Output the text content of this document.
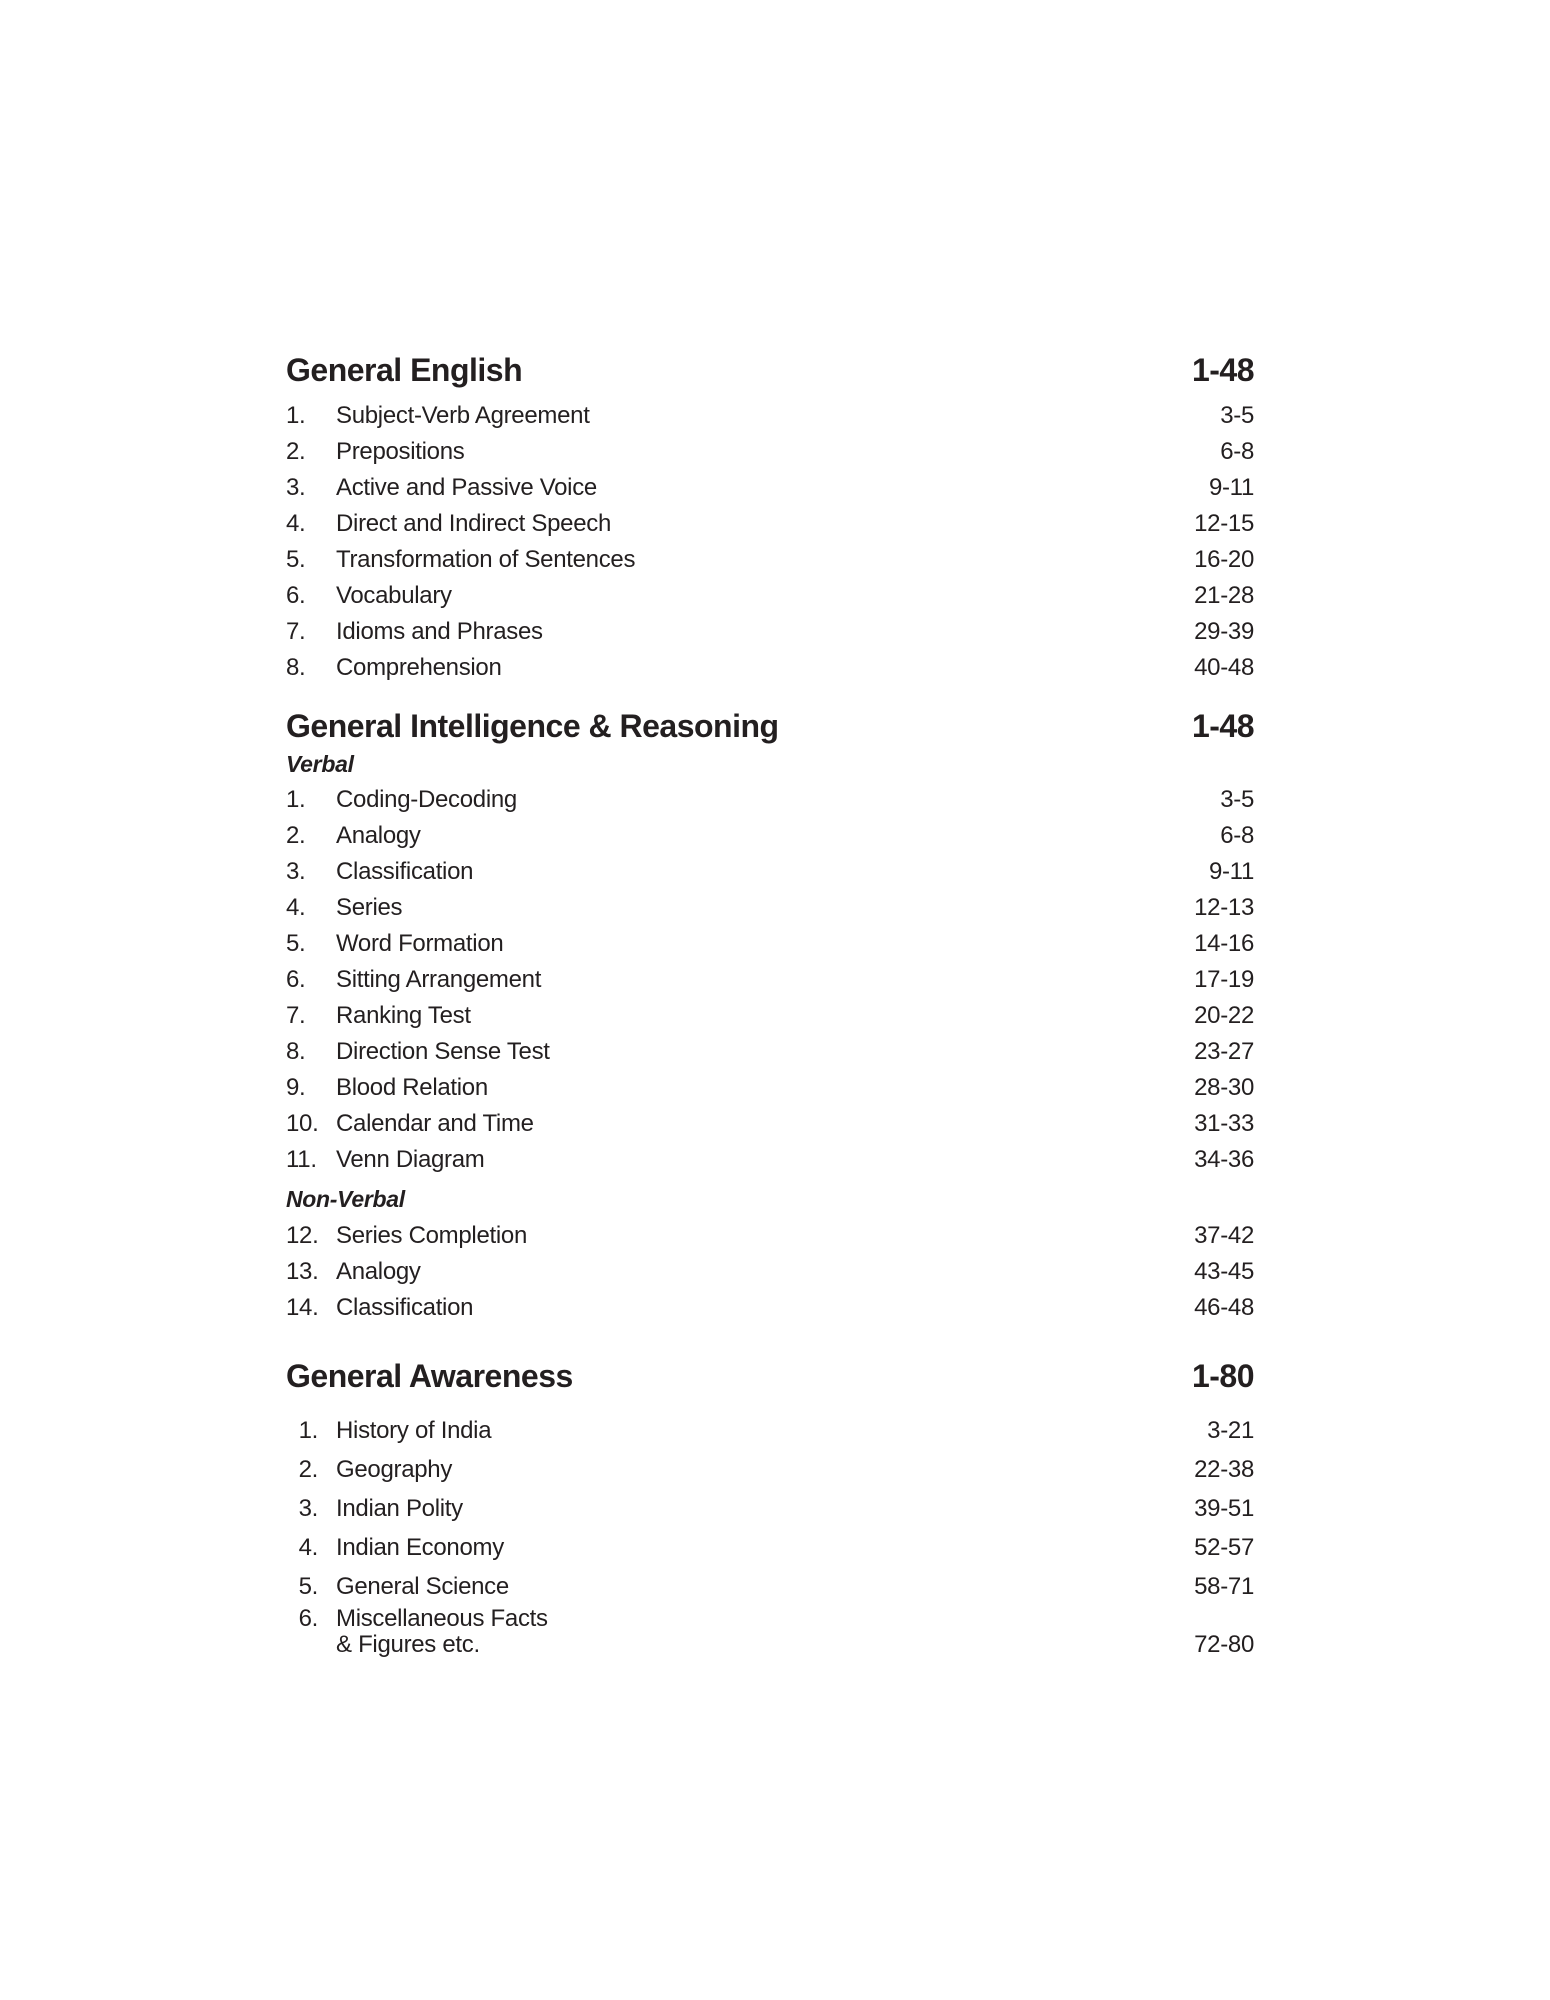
General English	1-48
1.	Subject-Verb Agreement	3-5
2.	Prepositions	6-8
3.	Active and Passive Voice	9-11
4.	Direct and Indirect Speech	12-15
5.	Transformation of Sentences	16-20
6.	Vocabulary	21-28
7.	Idioms and Phrases	29-39
8.	Comprehension	40-48
General Intelligence & Reasoning	1-48
Verbal
1.	Coding-Decoding	3-5
2.	Analogy	6-8
3.	Classification	9-11
4.	Series	12-13
5.	Word Formation	14-16
6.	Sitting Arrangement	17-19
7.	Ranking Test	20-22
8.	Direction Sense Test	23-27
9.	Blood Relation	28-30
10. Calendar and Time	31-33
11. Venn Diagram	34-36
Non-Verbal
12. Series Completion	37-42
13. Analogy	43-45
14. Classification	46-48
General Awareness	1-80
1. History of India	3-21
2. Geography	22-38
3. Indian Polity	39-51
4. Indian Economy	52-57
5. General Science	58-71
6. Miscellaneous Facts
& Figures etc.	72-80
